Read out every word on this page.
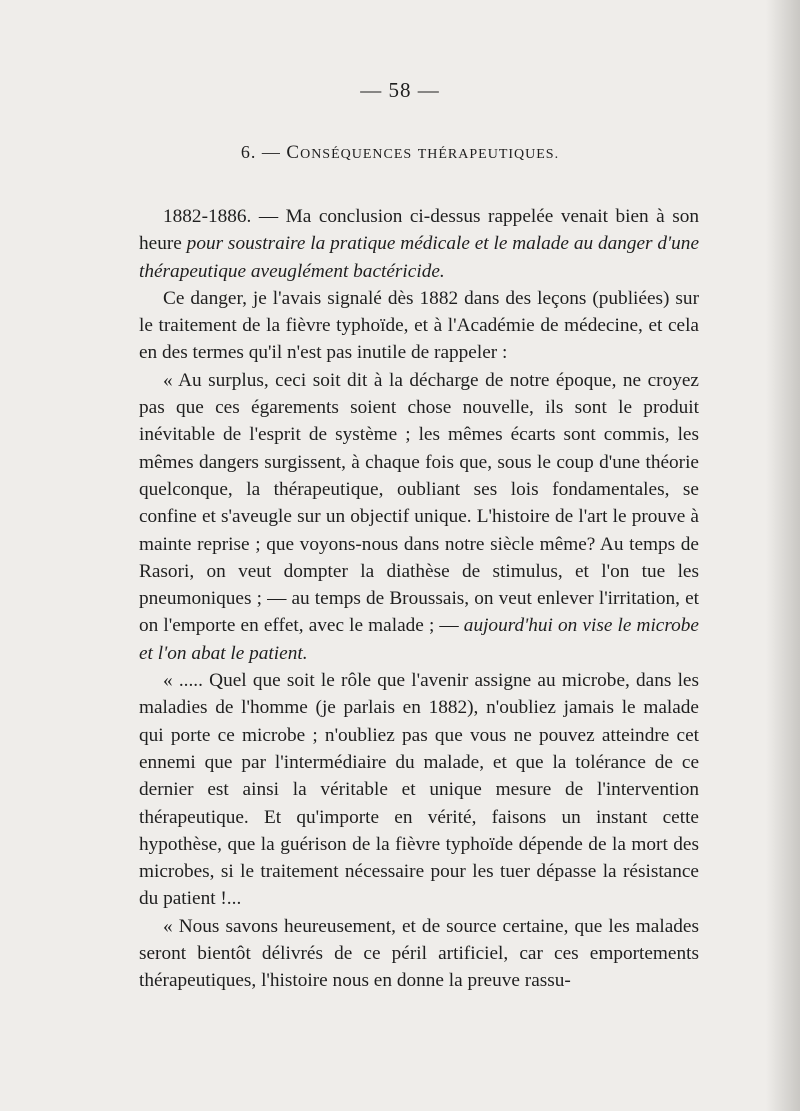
— 58 —
6. — CONSÉQUENCES THÉRAPEUTIQUES.

1882-1886. — Ma conclusion ci-dessus rappelée venait bien à son heure pour soustraire la pratique médicale et le malade au danger d'une thérapeutique aveuglément bactéricide.

Ce danger, je l'avais signalé dès 1882 dans des leçons (publiées) sur le traitement de la fièvre typhoïde, et à l'Académie de médecine, et cela en des termes qu'il n'est pas inutile de rappeler :

« Au surplus, ceci soit dit à la décharge de notre époque, ne croyez pas que ces égarements soient chose nouvelle, ils sont le produit inévitable de l'esprit de système ; les mêmes écarts sont commis, les mêmes dangers surgissent, à chaque fois que, sous le coup d'une théorie quelconque, la thérapeutique, oubliant ses lois fondamentales, se confine et s'aveugle sur un objectif unique. L'histoire de l'art le prouve à mainte reprise ; que voyons-nous dans notre siècle même? Au temps de Rasori, on veut dompter la diathèse de stimulus, et l'on tue les pneumoniques ; — au temps de Broussais, on veut enlever l'irritation, et on l'emporte en effet, avec le malade ; — aujourd'hui on vise le microbe et l'on abat le patient.

« ..... Quel que soit le rôle que l'avenir assigne au microbe, dans les maladies de l'homme (je parlais en 1882), n'oubliez jamais le malade qui porte ce microbe ; n'oubliez pas que vous ne pouvez atteindre cet ennemi que par l'intermédiaire du malade, et que la tolérance de ce dernier est ainsi la véritable et unique mesure de l'intervention thérapeutique. Et qu'importe en vérité, faisons un instant cette hypothèse, que la guérison de la fièvre typhoïde dépende de la mort des microbes, si le traitement nécessaire pour les tuer dépasse la résistance du patient !...

« Nous savons heureusement, et de source certaine, que les malades seront bientôt délivrés de ce péril artificiel, car ces emportements thérapeutiques, l'histoire nous en donne la preuve rassu-
